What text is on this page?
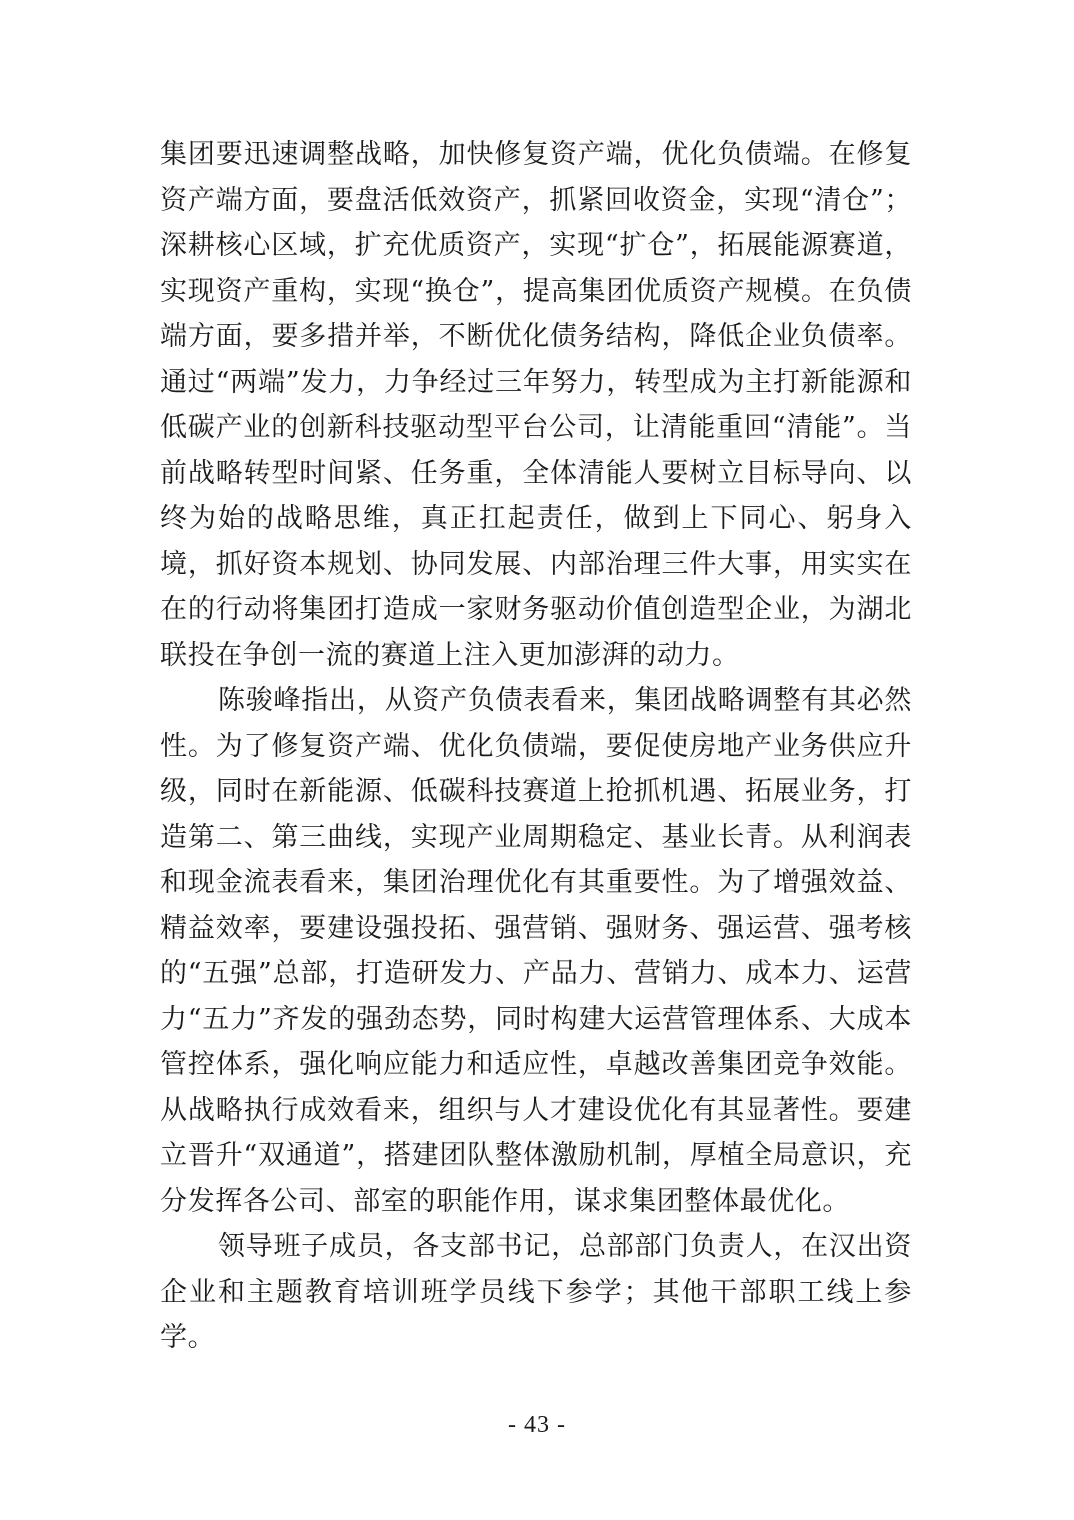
集团要迅速调整战略，加快修复资产端，优化负债端。在修复资产端方面，要盘活低效资产，抓紧回收资金，实现“清仓”；深耕核心区域，扩充优质资产，实现“扩仓”，拓展能源赛道，实现资产重构，实现“换仓”，提高集团优质资产规模。在负债端方面，要多措并举，不断优化债务结构，降低企业负债率。通过“两端”发力，力争经过三年努力，转型成为主打新能源和低碳产业的创新科技驱动型平台公司，让清能重回“清能”。当前战略转型时间紧、任务重，全体清能人要树立目标导向、以终为始的战略思维，真正扛起责任，做到上下同心、躬身入境，抓好资本规划、协同发展、内部治理三件大事，用实实在在的行动将集团打造成一家财务驱动价值创造型企业，为湖北联投在争创一流的赛道上注入更加澎湃的动力。

陈骏峰指出，从资产负债表看来，集团战略调整有其必然性。为了修复资产端、优化负债端，要促使房地产业务供应升级，同时在新能源、低碳科技赛道上抢抓机遇、拓展业务，打造第二、第三曲线，实现产业周期稳定、基业长青。从利润表和现金流表看来，集团治理优化有其重要性。为了增强效益、精益效率，要建设强投拓、强营销、强财务、强运营、强考核的“五强”总部，打造研发力、产品力、营销力、成本力、运营力“五力”齐发的强劲态势，同时构建大运营管理体系、大成本管控体系，强化响应能力和适应性，卓越改善集团竞争效能。从战略执行成效看来，组织与人才建设优化有其显著性。要建立晋升“双通道”，搭建团队整体激励机制，厚植全局意识，充分发挥各公司、部室的职能作用，谋求集团整体最优化。

领导班子成员，各支部书记，总部部门负责人，在汉出资企业和主题教育培训班学员线下参学；其他干部职工线上参学。

- 43 -
